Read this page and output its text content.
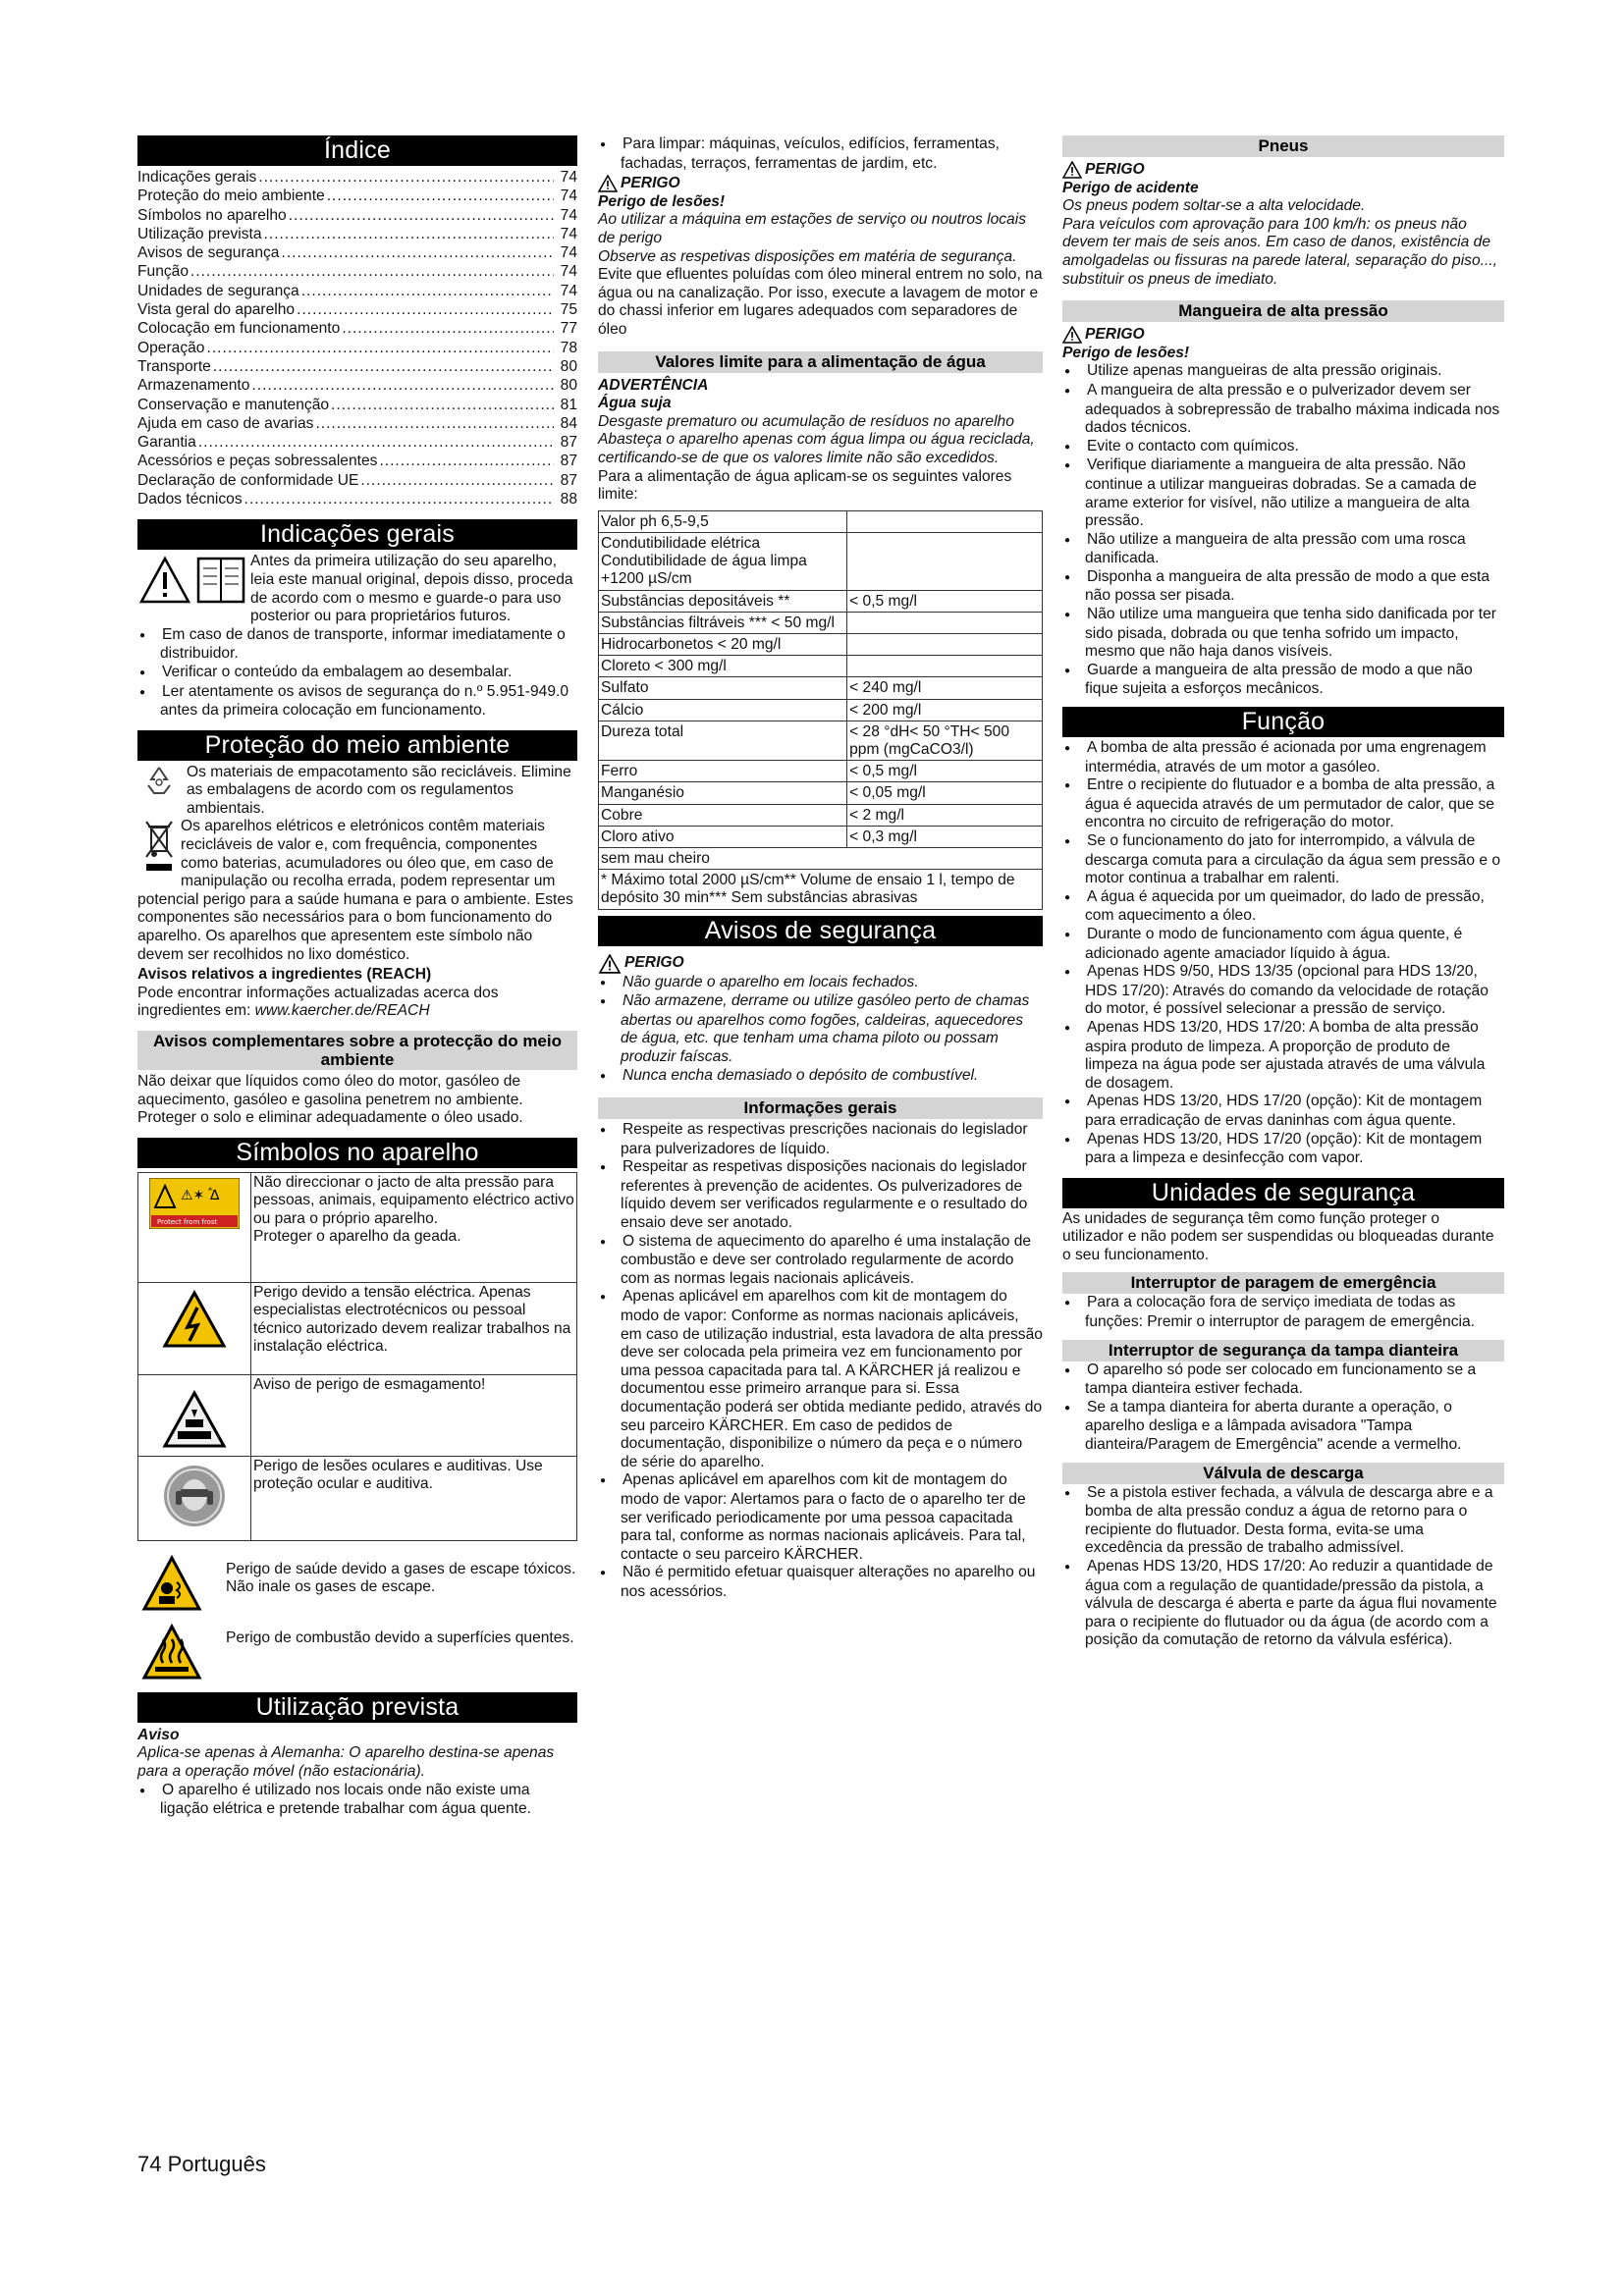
Índice
Indicações gerais .....	74
Proteção do meio ambiente .....	74
Símbolos no aparelho .....	74
Utilização prevista .....	74
Avisos de segurança .....	74
Função .....	74
Unidades de segurança .....	74
Vista geral do aparelho .....	75
Colocação em funcionamento .....	77
Operação .....	78
Transporte .....	80
Armazenamento .....	80
Conservação e manutenção .....	81
Ajuda em caso de avarias .....	84
Garantia .....	87
Acessórios e peças sobressalentes .....	87
Declaração de conformidade UE .....	87
Dados técnicos .....	88
Indicações gerais

Antes da primeira utilização do seu aparelho, leia este manual original, depois disso, proceda de acordo com o mesmo e guarde-o para uso posterior ou para proprietários futuros.

● Em caso de danos de transporte, informar imediatamente o distribuidor.
● Verificar o conteúdo da embalagem ao desembalar.
● Ler atentamente os avisos de segurança do n.º 5.951-949.0 antes da primeira colocação em funcionamento.
Proteção do meio ambiente

Os materiais de empacotamento são recicláveis. Elimine as embalagens de acordo com os regulamentos ambientais.

Os aparelhos elétricos e eletrónicos contêm materiais recicláveis de valor e, com frequência, componentes como baterias, acumuladores ou óleo que, em caso de manipulação ou recolha errada, podem representar um potencial perigo para a saúde humana e para o ambiente. Estes componentes são necessários para o bom funcionamento do aparelho. Os aparelhos que apresentem este símbolo não devem ser recolhidos no lixo doméstico.

Avisos relativos a ingredientes (REACH)

Pode encontrar informações actualizadas acerca dos ingredientes em: www.kaercher.de/REACH

Avisos complementares sobre a protecção do meio ambiente

Não deixar que líquidos como óleo do motor, gasóleo de aquecimento, gasóleo e gasolina penetrem no ambiente. Proteger o solo e eliminar adequadamente o óleo usado.

Símbolos no aparelho
⚠✶ ꜙ∆
Protect from frost	Não direccionar o jacto de alta pressão para pessoas, animais, equipamento eléctrico activo ou para o próprio aparelho.
Proteger o aparelho da geada.

	Perigo devido a tensão eléctrica. Apenas especialistas electrotécnicos ou pessoal técnico autorizado devem realizar trabalhos na instalação eléctrica.

	Aviso de perigo de esmagamento!

	Perigo de lesões oculares e auditivas. Use proteção ocular e auditiva.

Perigo de saúde devido a gases de escape tóxicos. Não inale os gases de escape.

Perigo de combustão devido a superfícies quentes.

Utilização prevista

Aviso

Aplica-se apenas à Alemanha: O aparelho destina-se apenas para a operação móvel (não estacionária).

● O aparelho é utilizado nos locais onde não existe uma ligação elétrica e pretende trabalhar com água quente.
● Para limpar: máquinas, veículos, edifícios, ferramentas, fachadas, terraços, ferramentas de jardim, etc.
PERIGO

Perigo de lesões!

Ao utilizar a máquina em estações de serviço ou noutros locais de perigo

Observe as respetivas disposições em matéria de segurança.

Evite que efluentes poluídas com óleo mineral entrem no solo, na água ou na canalização. Por isso, execute a lavagem de motor e do chassi inferior em lugares adequados com separadores de óleo

Valores limite para a alimentação de água

ADVERTÊNCIA

Água suja

Desgaste prematuro ou acumulação de resíduos no aparelho

Abasteça o aparelho apenas com água limpa ou água reciclada, certificando-se de que os valores limite não são excedidos.

Para a alimentação de água aplicam-se os seguintes valores limite:

Valor ph 6,5-9,5	
Condutibilidade elétrica Condutibilidade de água limpa +1200 µS/cm	
Substâncias depositáveis **	< 0,5 mg/l
Substâncias filtráveis *** < 50 mg/l	
Hidrocarbonetos < 20 mg/l	
Cloreto < 300 mg/l	
Sulfato	< 240 mg/l
Cálcio	< 200 mg/l
Dureza total	< 28 °dH< 50 °TH< 500 ppm (mgCaCO3/l)
Ferro	< 0,5 mg/l
Manganésio	< 0,05 mg/l
Cobre	< 2 mg/l
Cloro ativo	< 0,3 mg/l
sem mau cheiro	
* Máximo total 2000 µS/cm** Volume de ensaio 1 l, tempo de depósito 30 min*** Sem substâncias abrasivas	
Avisos de segurança
PERIGO
● Não guarde o aparelho em locais fechados.
● Não armazene, derrame ou utilize gasóleo perto de chamas abertas ou aparelhos como fogões, caldeiras, aquecedores de água, etc. que tenham uma chama piloto ou possam produzir faíscas.
● Nunca encha demasiado o depósito de combustível.
Informações gerais
● Respeite as respectivas prescrições nacionais do legislador para pulverizadores de líquido.
● Respeitar as respetivas disposições nacionais do legislador referentes à prevenção de acidentes. Os pulverizadores de líquido devem ser verificados regularmente e o resultado do ensaio deve ser anotado.
● O sistema de aquecimento do aparelho é uma instalação de combustão e deve ser controlado regularmente de acordo com as normas legais nacionais aplicáveis.
● Apenas aplicável em aparelhos com kit de montagem do modo de vapor: Conforme as normas nacionais aplicáveis, em caso de utilização industrial, esta lavadora de alta pressão deve ser colocada pela primeira vez em funcionamento por uma pessoa capacitada para tal. A KÄRCHER já realizou e documentou esse primeiro arranque para si. Essa documentação poderá ser obtida mediante pedido, através do seu parceiro KÄRCHER. Em caso de pedidos de documentação, disponibilize o número da peça e o número de série do aparelho.
● Apenas aplicável em aparelhos com kit de montagem do modo de vapor: Alertamos para o facto de o aparelho ter de ser verificado periodicamente por uma pessoa capacitada para tal, conforme as normas nacionais aplicáveis. Para tal, contacte o seu parceiro KÄRCHER.
● Não é permitido efetuar quaisquer alterações no aparelho ou nos acessórios.
Pneus
PERIGO

Perigo de acidente

Os pneus podem soltar-se a alta velocidade.

Para veículos com aprovação para 100 km/h: os pneus não devem ter mais de seis anos. Em caso de danos, existência de amolgadelas ou fissuras na parede lateral, separação do piso..., substituir os pneus de imediato.

Mangueira de alta pressão
PERIGO

Perigo de lesões!

● Utilize apenas mangueiras de alta pressão originais.
● A mangueira de alta pressão e o pulverizador devem ser adequados à sobrepressão de trabalho máxima indicada nos dados técnicos.
● Evite o contacto com químicos.
● Verifique diariamente a mangueira de alta pressão. Não continue a utilizar mangueiras dobradas. Se a camada de arame exterior for visível, não utilize a mangueira de alta pressão.
● Não utilize a mangueira de alta pressão com uma rosca danificada.
● Disponha a mangueira de alta pressão de modo a que esta não possa ser pisada.
● Não utilize uma mangueira que tenha sido danificada por ter sido pisada, dobrada ou que tenha sofrido um impacto, mesmo que não haja danos visíveis.
● Guarde a mangueira de alta pressão de modo a que não fique sujeita a esforços mecânicos.
Função
● A bomba de alta pressão é acionada por uma engrenagem intermédia, através de um motor a gasóleo.
● Entre o recipiente do flutuador e a bomba de alta pressão, a água é aquecida através de um permutador de calor, que se encontra no circuito de refrigeração do motor.
● Se o funcionamento do jato for interrompido, a válvula de descarga comuta para a circulação da água sem pressão e o motor continua a trabalhar em ralenti.
● A água é aquecida por um queimador, do lado de pressão, com aquecimento a óleo.
● Durante o modo de funcionamento com água quente, é adicionado agente amaciador líquido à água.
● Apenas HDS 9/50, HDS 13/35 (opcional para HDS 13/20, HDS 17/20): Através do comando da velocidade de rotação do motor, é possível selecionar a pressão de serviço.
● Apenas HDS 13/20, HDS 17/20: A bomba de alta pressão aspira produto de limpeza. A proporção de produto de limpeza na água pode ser ajustada através de uma válvula de dosagem.
● Apenas HDS 13/20, HDS 17/20 (opção): Kit de montagem para erradicação de ervas daninhas com água quente.
● Apenas HDS 13/20, HDS 17/20 (opção): Kit de montagem para a limpeza e desinfecção com vapor.
Unidades de segurança

As unidades de segurança têm como função proteger o utilizador e não podem ser suspendidas ou bloqueadas durante o seu funcionamento.

Interruptor de paragem de emergência
● Para a colocação fora de serviço imediata de todas as funções: Premir o interruptor de paragem de emergência.
Interruptor de segurança da tampa dianteira
● O aparelho só pode ser colocado em funcionamento se a tampa dianteira estiver fechada.
● Se a tampa dianteira for aberta durante a operação, o aparelho desliga e a lâmpada avisadora "Tampa dianteira/Paragem de Emergência" acende a vermelho.
Válvula de descarga
● Se a pistola estiver fechada, a válvula de descarga abre e a bomba de alta pressão conduz a água de retorno para o recipiente do flutuador. Desta forma, evita-se uma excedência da pressão de trabalho admissível.
● Apenas HDS 13/20, HDS 17/20: Ao reduzir a quantidade de água com a regulação de quantidade/pressão da pistola, a válvula de descarga é aberta e parte da água flui novamente para o recipiente do flutuador ou da água (de acordo com a posição da comutação de retorno da válvula esférica).
74 Português
